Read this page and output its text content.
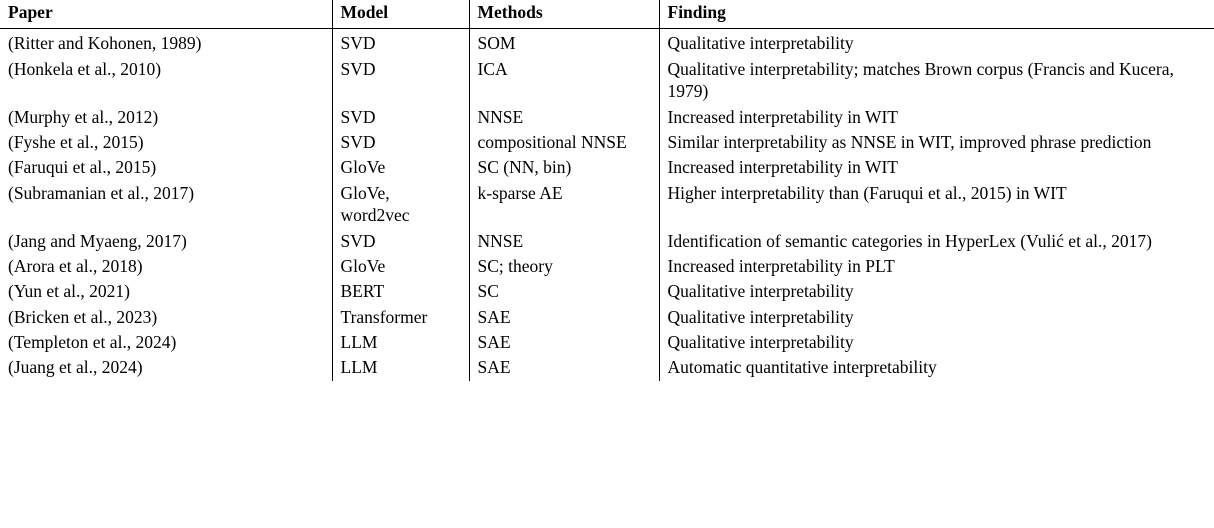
Paper	Model	Methods	Finding
(Ritter and Kohonen, 1989)	SVD	SOM	Qualitative interpretability
(Honkela et al., 2010)	SVD	ICA	Qualitative interpretability; matches Brown corpus (Francis and Kucera, 1979)
(Murphy et al., 2012)	SVD	NNSE	Increased interpretability in WIT
(Fyshe et al., 2015)	SVD	compositional NNSE	Similar interpretability as NNSE in WIT, improved phrase prediction
(Faruqui et al., 2015)	GloVe	SC (NN, bin)	Increased interpretability in WIT
(Subramanian et al., 2017)	GloVe, word2vec	k-sparse AE	Higher interpretability than (Faruqui et al., 2015) in WIT
(Jang and Myaeng, 2017)	SVD	NNSE	Identification of semantic categories in HyperLex (Vulić et al., 2017)
(Arora et al., 2018)	GloVe	SC; theory	Increased interpretability in PLT
(Yun et al., 2021)	BERT	SC	Qualitative interpretability
(Bricken et al., 2023)	Transformer	SAE	Qualitative interpretability
(Templeton et al., 2024)	LLM	SAE	Qualitative interpretability
(Juang et al., 2024)	LLM	SAE	Automatic quantitative interpretability
